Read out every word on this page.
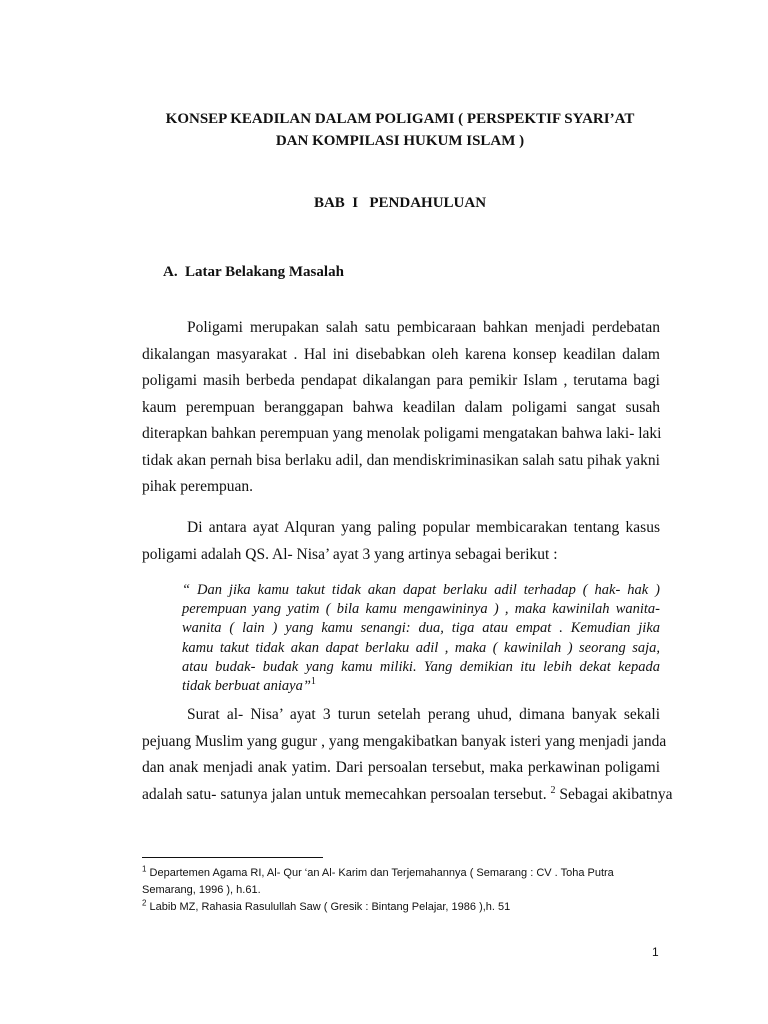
KONSEP KEADILAN DALAM POLIGAMI ( PERSPEKTIF SYARI’AT
DAN KOMPILASI HUKUM ISLAM )
BAB  I   PENDAHULUAN
A. Latar Belakang Masalah
Poligami merupakan salah satu pembicaraan bahkan menjadi perdebatan
dikalangan masyarakat . Hal ini disebabkan oleh karena konsep keadilan dalam
poligami masih berbeda pendapat dikalangan para pemikir Islam , terutama bagi
kaum perempuan beranggapan bahwa keadilan dalam poligami sangat susah
diterapkan bahkan perempuan yang menolak poligami mengatakan bahwa laki- laki
tidak akan pernah bisa berlaku adil, dan mendiskriminasikan salah satu pihak yakni
pihak perempuan.
Di antara ayat Alquran yang paling popular membicarakan tentang kasus
poligami adalah QS. Al- Nisa’ ayat 3 yang artinya sebagai berikut :
“ Dan jika kamu takut tidak akan dapat berlaku adil terhadap ( hak- hak )
perempuan yang yatim ( bila kamu mengawininya ) , maka kawinilah wanita-
wanita ( lain ) yang kamu senangi: dua, tiga atau empat . Kemudian jika
kamu takut tidak akan dapat berlaku adil , maka ( kawinilah ) seorang saja,
atau budak- budak yang kamu miliki. Yang demikian itu lebih dekat kepada
tidak berbuat aniaya”$^1$
Surat al- Nisa’ ayat 3 turun setelah perang uhud, dimana banyak sekali
pejuang Muslim yang gugur , yang mengakibatkan banyak isteri yang menjadi janda
dan anak menjadi anak yatim. Dari persoalan tersebut, maka perkawinan poligami
adalah satu- satunya jalan untuk memecahkan persoalan tersebut. $^2$ Sebagai akibatnya
$^1$ Departemen Agama RI, Al- Qur ‘an Al- Karim dan Terjemahannya ( Semarang : CV . Toha Putra
Semarang, 1996 ), h.61.
$^2$ Labib MZ, Rahasia Rasulullah Saw ( Gresik : Bintang Pelajar, 1986 ),h. 51
1
